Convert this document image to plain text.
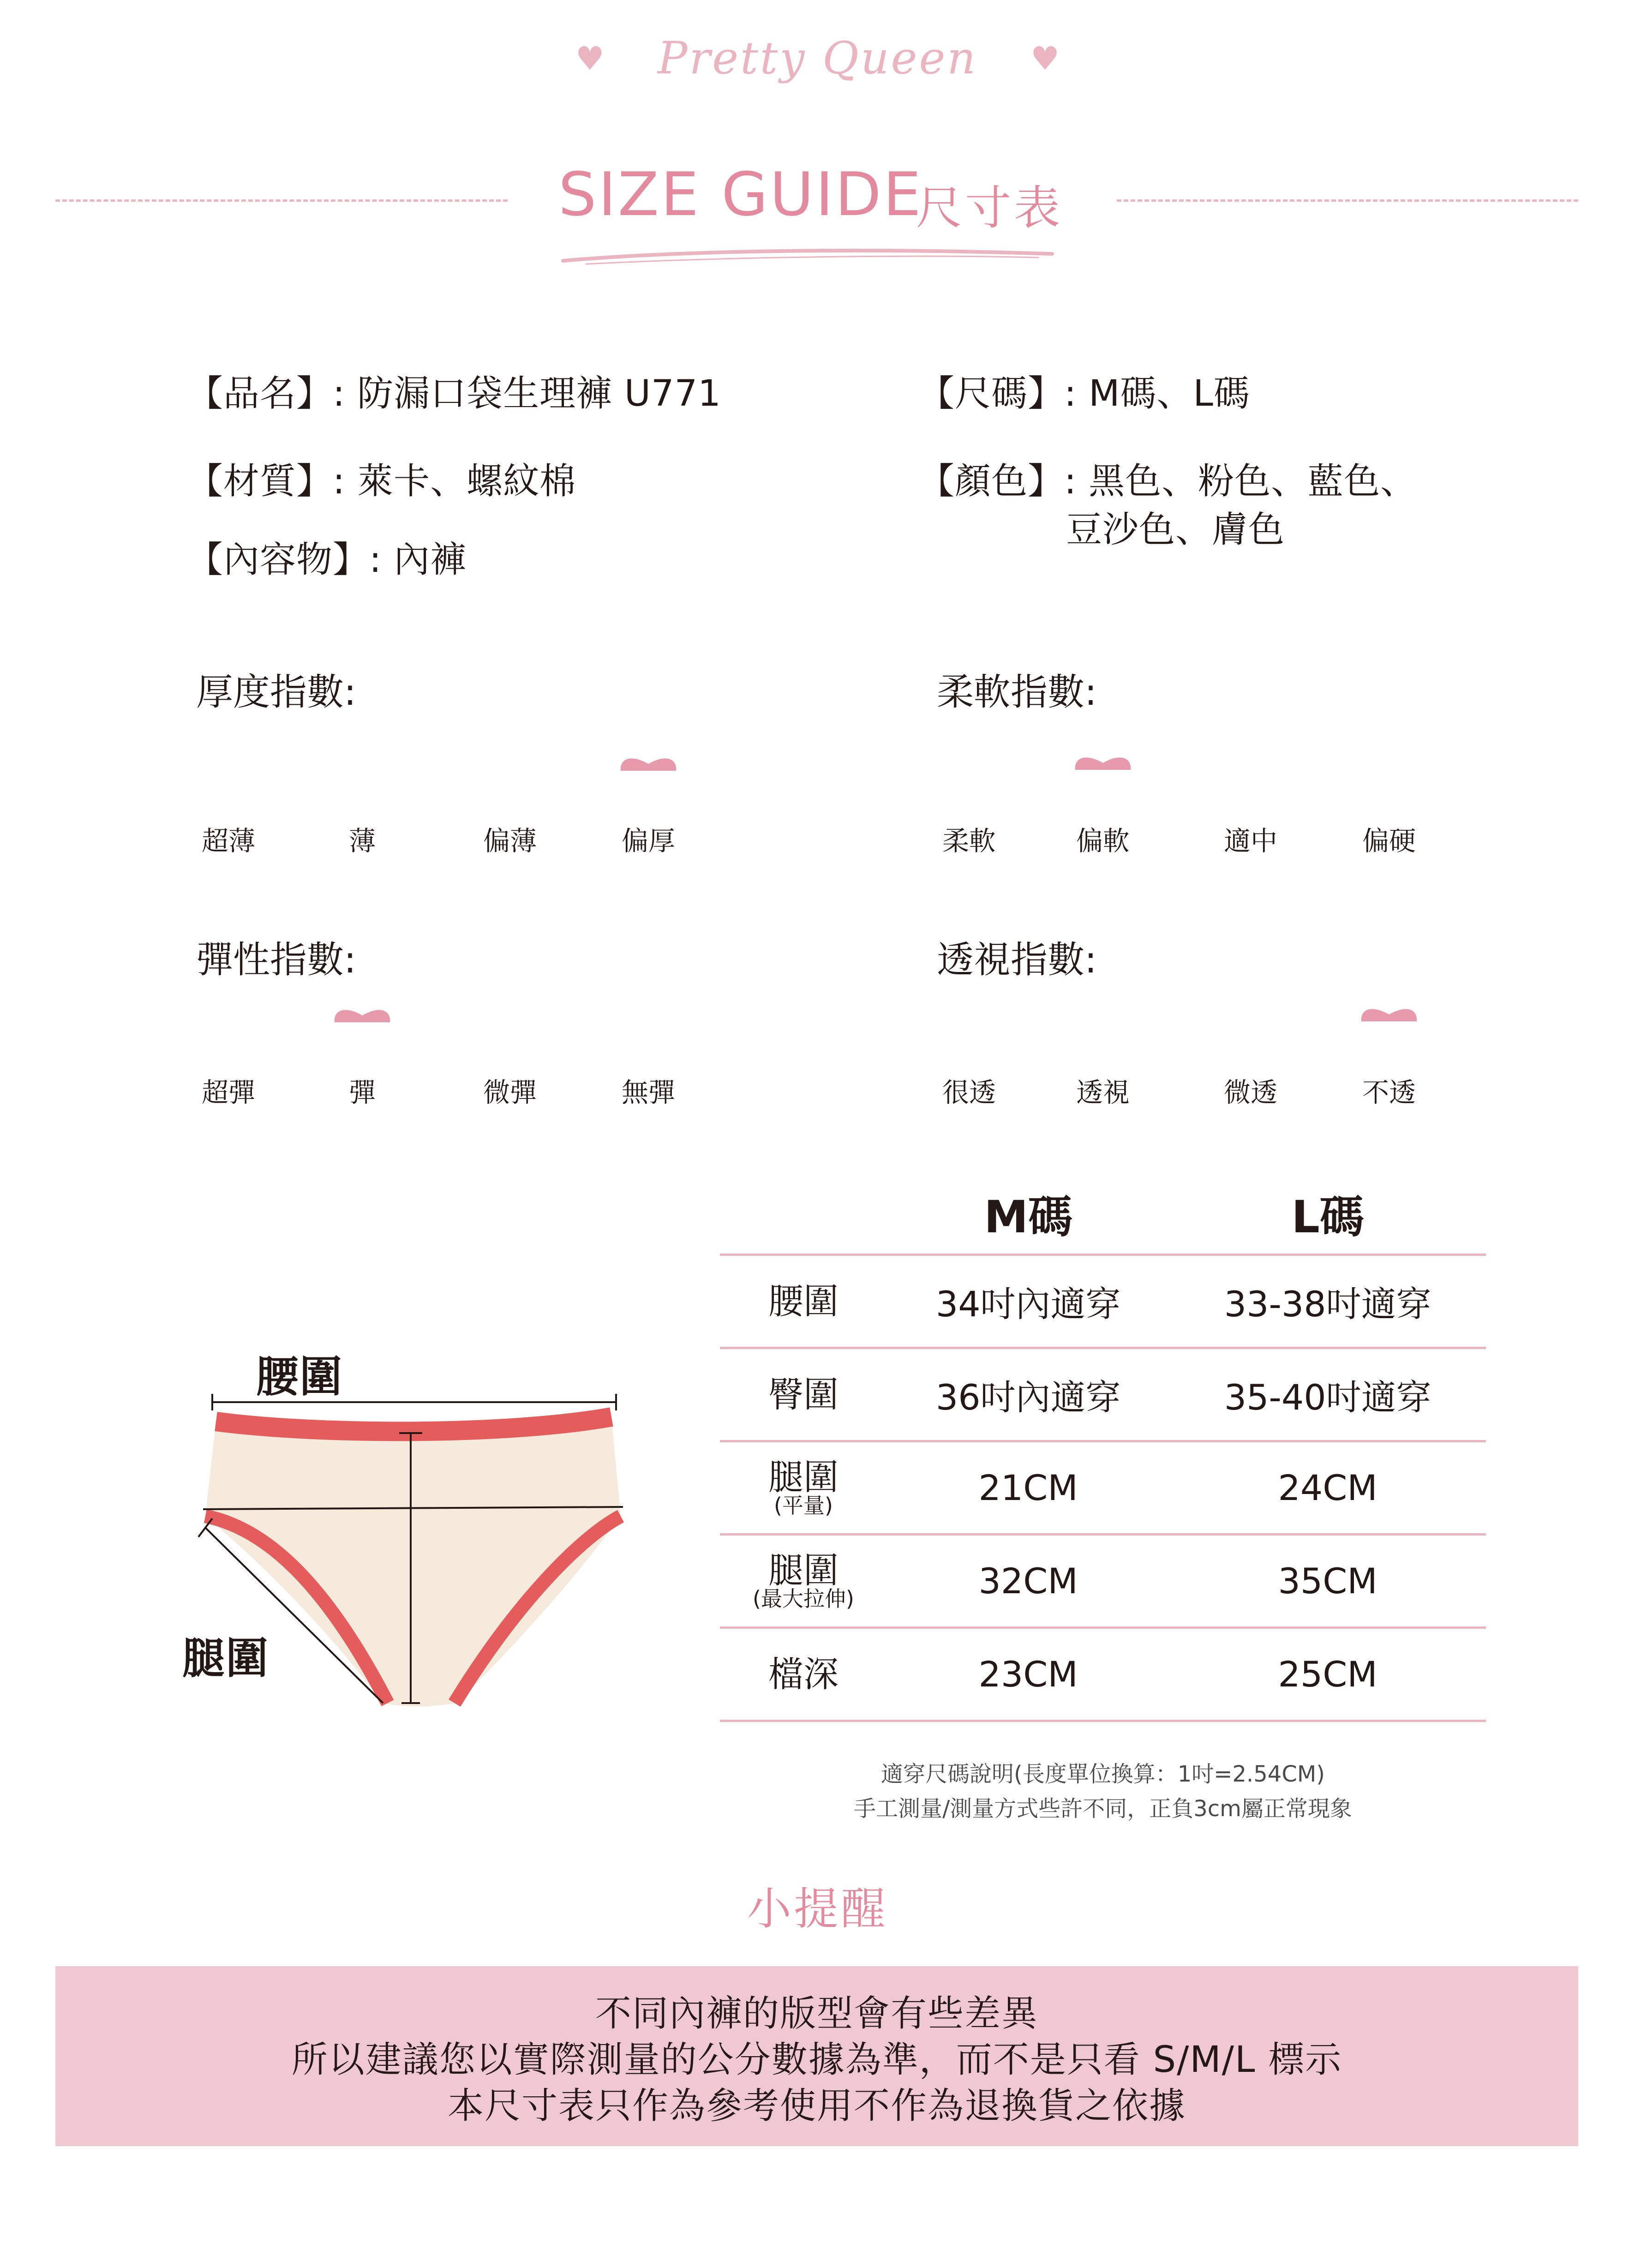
♥ Pretty Queen ♥
SIZE GUIDE
尺寸表
【品名】: 防漏口袋生理褲 U771
【材質】: 萊卡、螺紋棉
【內容物】: 內褲
【尺碼】: M碼、L碼
【顏色】: 黑色、粉色、藍色、
豆沙色、膚色
厚度指數:	柔軟指數:
彈性指數:	透視指數:
腰圍
腿圍
	M碼	L碼
腰圍	34吋內適穿	33-38吋適穿
臀圍	36吋內適穿	35-40吋適穿
腿圍
(平量)	21CM	24CM
腿圍
(最大拉伸)	32CM	35CM
檔深	23CM	25CM
適穿尺碼說明(長度單位換算：1吋=2.54CM)
手工測量/測量方式些許不同，正負3cm屬正常現象
小提醒
不同內褲的版型會有些差異
所以建議您以實際測量的公分數據為準，而不是只看 S/M/L 標示
本尺寸表只作為參考使用不作為退換貨之依據
超薄	薄	偏薄	偏厚	柔軟	偏軟	適中	偏硬
超彈	彈	微彈	無彈	很透	透視	微透	不透
